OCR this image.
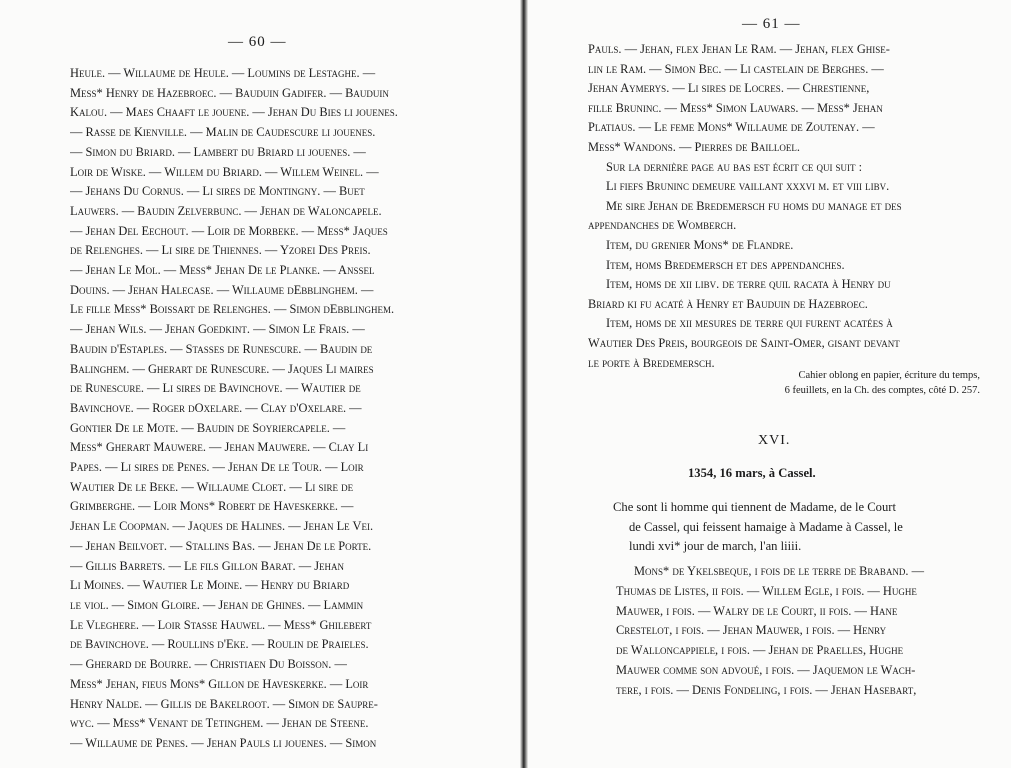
— 60 —
Heule. — Willaume de Heule. — Loumins de Lestaghe. —
Mess* Henry de Hazebroec. — Bauduin Gadifer. — Bauduin
Kalou. — Maes Chaaft le jouene. — Jehan Du Bies li jouenes.
— Rasse de Kienville. — Malin de Caudescure li jouenes.
— Simon du Briard. — Lambert du Briard li jouenes. —
Loir de Wiske. — Willem du Briard. — Willem Weinel. —
— Jehans Du Cornus. — Li sires de Montingny. — Buet
Lauwers. — Baudin Zelverbunc. — Jehan de Waloncapele.
— Jehan Del Eechout. — Loir de Morbeke. — Mess* Jaques
de Relenghes. — Li sire de Thiennes. — Yzorei Des Preis.
— Jehan Le Mol. — Mess* Jehan De le Planke. — Anssel
Douins. — Jehan Halecase. — Willaume dEbblinghem. —
Le fille Mess* Boissart de Relenghes. — Simon dEbblinghem.
— Jehan Wils. — Jehan Goedkint. — Simon Le Frais. —
Baudin d'Estaples. — Stasses de Runescure. — Baudin de
Balinghem. — Gherart de Runescure. — Jaques Li maires
de Runescure. — Li sires de Bavinchove. — Wautier de
Bavinchove. — Roger dOxelare. — Clay d'Oxelare. —
Gontier De le Mote. — Baudin de Soyriercapele. —
Mess* Gherart Mauwere. — Jehan Mauwere. — Clay Li
Papes. — Li sires de Penes. — Jehan De le Tour. — Loir
Wautier De le Beke. — Willaume Cloet. — Li sire de
Grimberghe. — Loir Mons* Robert de Haveskerke. —
Jehan Le Coopman. — Jaques de Halines. — Jehan Le Vei.
— Jehan Beilvoet. — Stallins Bas. — Jehan De le Porte.
— Gillis Barrets. — Le fils Gillon Barat. — Jehan
Li Moines. — Wautier Le Moine. — Henry du Briard
le viol. — Simon Gloire. — Jehan de Ghines. — Lammin
Le Vleghere. — Loir Stasse Hauwel. — Mess* Ghilebert
de Bavinchove. — Roullins d'Eke. — Roulin de Praieles.
— Gherard de Bourre. — Christiaen Du Boisson. —
Mess* Jehan, fieus Mons* Gillon de Haveskerke. — Loir
Henry Nalde. — Gillis de Bakelroot. — Simon de Saupre-
wyc. — Mess* Venant de Tetinghem. — Jehan de Steene.
— Willaume de Penes. — Jehan Pauls li jouenes. — Simon
— 61 —
Pauls. — Jehan, flex Jehan Le Ram. — Jehan, flex Ghise-
lin le Ram. — Simon Bec. — Li castelain de Berghes. —
Jehan Aymerys. — Li sires de Locres. — Chrestienne,
fille Bruninc. — Mess* Simon Lauwars. — Mess* Jehan
Platiaus. — Le feme Mons* Willaume de Zoutenay. —
Mess* Wandons. — Pierres de Bailloel.
Sur la dernière page au bas est écrit ce qui suit :
Li fiefs Bruninc demeure vaillant xxxvi m. et viii libv.
Me sire Jehan de Bredemersch fu homs du manage et des
appendanches de Womberch.
Item, du grenier Mons* de Flandre.
Item, homs Bredemersch et des appendanches.
Item, homs de xii libv. de terre quil racata à Henry du
Briard ki fu acaté à Henry et Bauduin de Hazebroec.
Item, homs de xii mesures de terre qui furent acatées à
Wautier Des Preis, bourgeois de Saint-Omer, gisant devant
le porte à Bredemersch.
Cahier oblong en papier, écriture du temps,
6 feuillets, en la Ch. des comptes, côté D. 257.
XVI.
1354, 16 mars, à Cassel.
Che sont li homme qui tiennent de Madame, de le Court
de Cassel, qui feissent hamaige à Madame à Cassel, le
lundi xvi* jour de march, l'an liiii.
Mons* de Ykelsbeque, i fois de le terre de Braband. —
Thumas de Listes, ii fois. — Willem Egle, i fois. — Hughe
Mauwer, i fois. — Walry de le Court, ii fois. — Hane
Crestelot, i fois. — Jehan Mauwer, i fois. — Henry
de Walloncappiele, i fois. — Jehan de Praelles, Hughe
Mauwer comme son advoué, i fois. — Jaquemon le Wach-
tere, i fois. — Denis Fondeling, i fois. — Jehan Hasebart,
